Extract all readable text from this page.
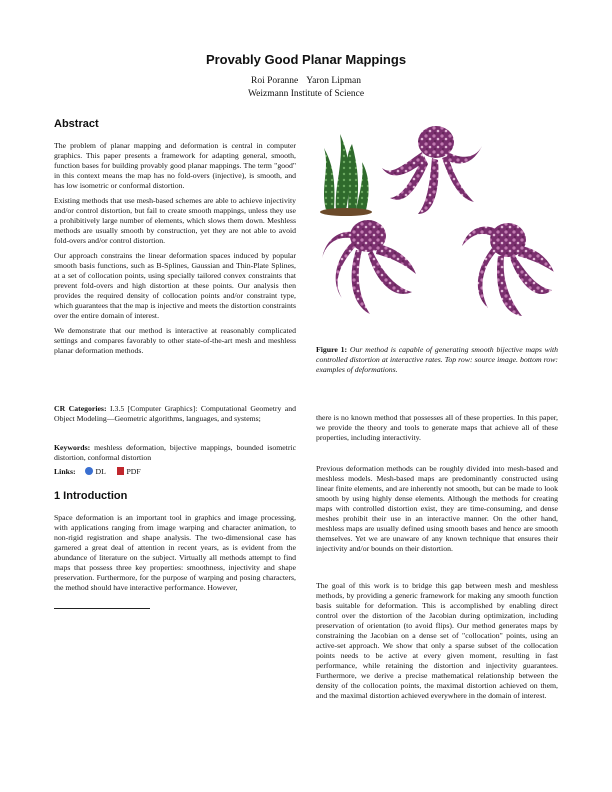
Provably Good Planar Mappings
Roi Poranne Yaron Lipman
Weizmann Institute of Science
Abstract

The problem of planar mapping and deformation is central in computer graphics. This paper presents a framework for adapting general, smooth, function bases for building provably good planar mappings. The term "good" in this context means the map has no fold-overs (injective), is smooth, and has low isometric or conformal distortion.

Existing methods that use mesh-based schemes are able to achieve injectivity and/or control distortion, but fail to create smooth mappings, unless they use a prohibitively large number of elements, which slows them down. Meshless methods are usually smooth by construction, yet they are not able to avoid fold-overs and/or control distortion.

Our approach constrains the linear deformation spaces induced by popular smooth basis functions, such as B-Splines, Gaussian and Thin-Plate Splines, at a set of collocation points, using specially tailored convex constraints that prevent fold-overs and high distortion at these points. Our analysis then provides the required density of collocation points and/or constraint type, which guarantees that the map is injective and meets the distortion constraints over the entire domain of interest.

We demonstrate that our method is interactive at reasonably complicated settings and compares favorably to other state-of-the-art mesh and meshless planar deformation methods.

CR Categories: I.3.5 [Computer Graphics]: Computational Geometry and Object Modeling—Geometric algorithms, languages, and systems;
Keywords: meshless deformation, bijective mappings, bounded isometric distortion, conformal distortion
Links:	DL	PDF
1 Introduction

Space deformation is an important tool in graphics and image processing, with applications ranging from image warping and character animation, to non-rigid registration and shape analysis. The two-dimensional case has garnered a great deal of attention in recent years, as is evident from the abundance of literature on the subject. Virtually all methods attempt to find maps that possess three key properties: smoothness, injectivity and shape preservation. Furthermore, for the purpose of warping and posing characters, the method should have interactive performance. However,

Figure 1: Our method is capable of generating smooth bijective maps with controlled distortion at interactive rates. Top row: source image. bottom row: examples of deformations.

there is no known method that possesses all of these properties. In this paper, we provide the theory and tools to generate maps that achieve all of these properties, including interactivity.

Previous deformation methods can be roughly divided into mesh-based and meshless models. Mesh-based maps are predominantly constructed using linear finite elements, and are inherently not smooth, but can be made to look smooth by using highly dense elements. Although the methods for creating maps with controlled distortion exist, they are time-consuming, and dense meshes prohibit their use in an interactive manner. On the other hand, meshless maps are usually defined using smooth bases and hence are smooth themselves. Yet we are unaware of any known technique that ensures their injectivity and/or bounds on their distortion.

The goal of this work is to bridge this gap between mesh and meshless methods, by providing a generic framework for making any smooth function basis suitable for deformation. This is accomplished by enabling direct control over the distortion of the Jacobian during optimization, including preservation of orientation (to avoid flips). Our method generates maps by constraining the Jacobian on a dense set of "collocation" points, using an active-set approach. We show that only a sparse subset of the collocation points needs to be active at every given moment, resulting in fast performance, while retaining the distortion and injectivity guarantees. Furthermore, we derive a precise mathematical relationship between the density of the collocation points, the maximal distortion achieved on them, and the maximal distortion achieved everywhere in the domain of interest.
